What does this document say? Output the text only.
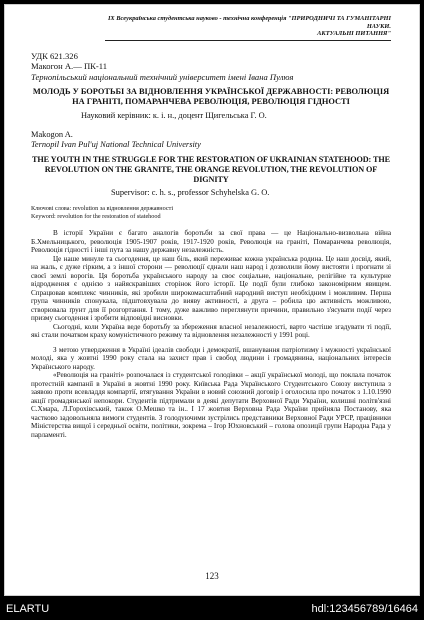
IX Всеукраїнська студентська науково - технічна конференція "ПРИРОДНИЧІ ТА ГУМАНІТАРНІ НАУКИ.
АКТУАЛЬНІ ПИТАННЯ"
УДК 621.326
Макогон А.— ПК-11
Тернопільський національний технічний університет імені Івана Пулюя
МОЛОДЬ У БОРОТЬБІ ЗА ВІДНОВЛЕННЯ УКРАЇНСЬКОЇ ДЕРЖАВНОСТІ: РЕВОЛЮЦІЯ НА ГРАНІТІ, ПОМАРАНЧЕВА РЕВОЛЮЦІЯ, РЕВОЛЮЦІЯ ГІДНОСТІ
Науковий керівник: к. і. н., доцент Щигельська Г. О.
Makogon A.
Ternopil Ivan Pul'uj National Technical University
THE YOUTH IN THE STRUGGLE FOR THE RESTORATION OF UKRAINIAN STATEHOOD: THE REVOLUTION ON THE GRANITE, THE ORANGE REVOLUTION, THE REVOLUTION OF DIGNITY
Supervisor: c. h. s., professor Schyhelska G. O.
Ключові слова: revolution за відновлення державності
Keyword: revolution for the restoration of statehood

В історії України є багато аналогів боротьби за свої права — це Національно-визвольна війна Б.Хмельницького, революція 1905-1907 років, 1917-1920 років, Революція на граніті, Помаранчева революція, Революція гідності і інші пута за нашу державну незалежність.

Це наше минуле та сьогодення, це наш біль, який переживає кожна українська родина. Це наш досвід, який, на жаль, є дуже гірким, а з іншої сторони — революції єднали наш народ і дозволили йому вистояти і прогнати зі своєї землі ворогів. Ця боротьба українського народу за своє соціальне, національне, релігійне та культурне відродження є однією з найяскравіших сторінок його історії. Це події були глибоко закономірним явищем. Спрацював комплекс чинників, які зробили широкомасштабний народний виступ необхідним і можливим. Перша група чинників спонукала, підштовхувала до вияву активності, а друга – робила цю активність можливою, створювала ґрунт для її розгортання. І тому, дуже важливо переглянути причини, правильно з'ясувати події через призму сьогодення і зробити відповідні висновки.

Сьогодні, коли Україна веде боротьбу за збереження власної незалежності, варто частіше згадувати ті події, які стали початком краху комуністичного режиму та відновлення незалежності у 1991 році.

З метою утвердження в Україні ідеалів свободи і демократії, вшанування патріотизму і мужності української молоді, яка у жовтні 1990 року стала на захист прав і свобод людини і громадянина, національних інтересів Українського народу.

«Революція на граніті» розпочалася із студентської голодівки – акції української молоді, що поклала початок протестній кампанії в Україні в жовтні 1990 року. Київська Рада Українського Студентського Союзу виступила з заявою проти всевладдя компартії, втягування України в новий союзний договір і оголосила про початок з 1.10.1990 акції громадянської непокори. Студентів підтримали в деякі депутати Верховної Ради України, колишні політв'язні С.Хмара, Л.Горохівський, також О.Мешко та ін.. І 17 жовтня Верховна Рада України прийняла Постанову, яка частково задовольняла вимоги студентів. З голодуючими зустрілись представники Верховної Ради УРСР, працівники Міністерства вищої і середньої освіти, політики, зокрема – Ігор Юхновський – голова опозиції групи Народна Рада у парламенті.

123
ELARTU	hdl:123456789/16464
